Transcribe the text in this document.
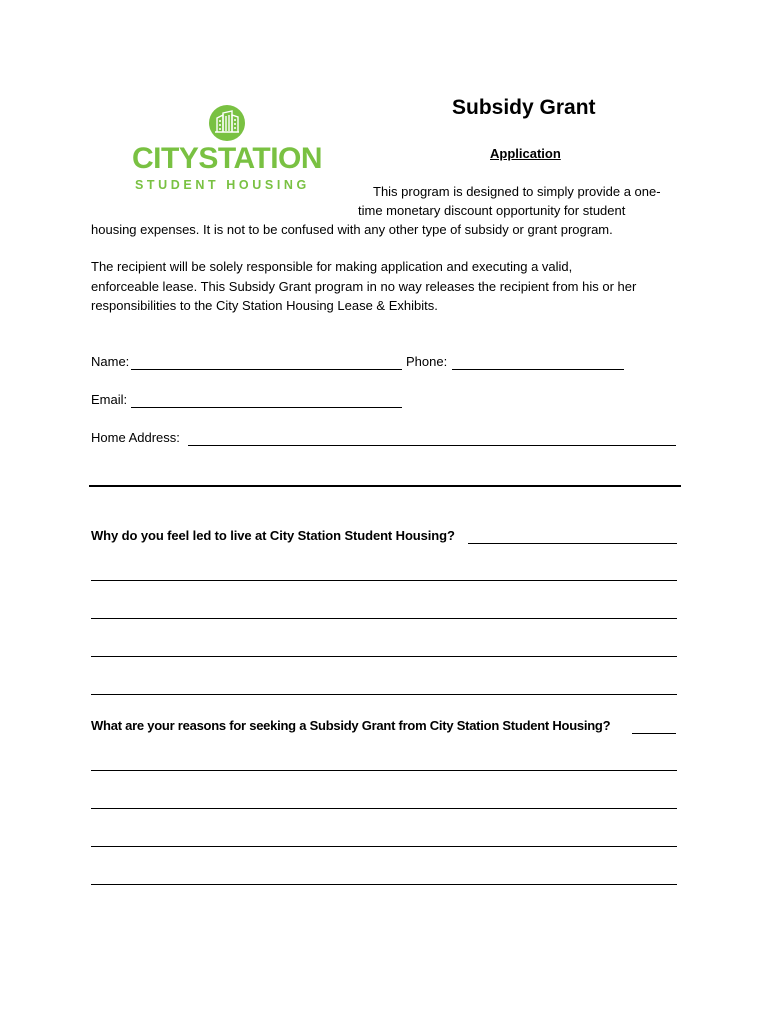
CITYSTATION
STUDENT HOUSING
Subsidy Grant
Application
This program is designed to simply provide a one-
time monetary discount opportunity for student
housing expenses. It is not to be confused with any other type of subsidy or grant program.
The recipient will be solely responsible for making application and executing a valid,
enforceable lease. This Subsidy Grant program in no way releases the recipient from his or her
responsibilities to the City Station Housing Lease & Exhibits.
Name:	Phone:
Email:
Home Address:
Why do you feel led to live at City Station Student Housing?
What are your reasons for seeking a Subsidy Grant from City Station Student Housing?
